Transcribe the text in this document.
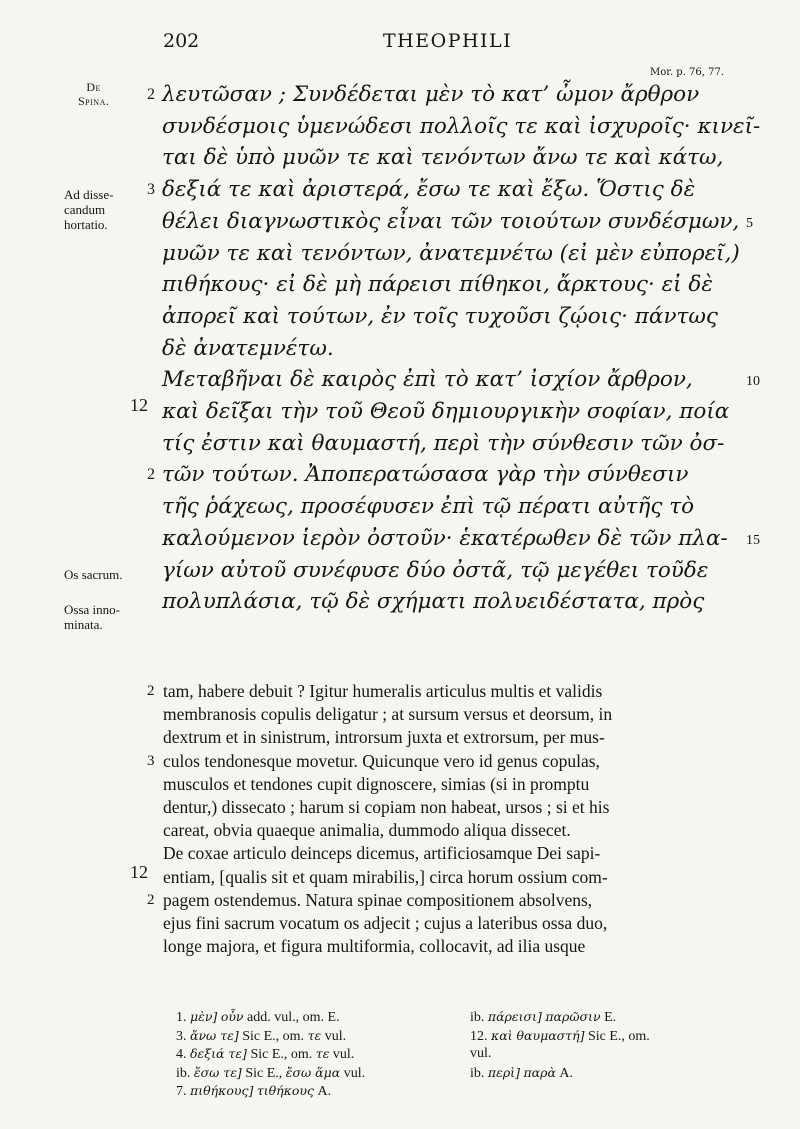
202	THEOPHILI
Mor. p. 76, 77.
De
Spina.
Ad disse-
candum
hortatio.
Os sacrum.
Ossa inno-
minata.
12
λευτῶσαν ; Συνδέδεται μὲν τὸ κατ’ ὦμον ἄρθρον
2
συνδέσμοις ὑμενώδεσι πολλοῖς τε καὶ ἰσχυροῖς· κινεῖ-
ται δὲ ὑπὸ μυῶν τε καὶ τενόντων ἄνω τε καὶ κάτω,
δεξιά τε καὶ ἀριστερά, ἔσω τε καὶ ἔξω. Ὅστις δὲ
3
θέλει διαγνωστικὸς εἶναι τῶν τοιούτων συνδέσμων, 5
μυῶν τε καὶ τενόντων, ἀνατεμνέτω (εἰ μὲν εὐπορεῖ,)
πιθήκους· εἰ δὲ μὴ πάρεισι πίθηκοι, ἄρκτους· εἰ δὲ
ἀπορεῖ καὶ τούτων, ἐν τοῖς τυχοῦσι ζῴοις· πάντως
δὲ ἀνατεμνέτω.
Μεταβῆναι δὲ καιρὸς ἐπὶ τὸ κατ’ ἰσχίον ἄρθρον,	10
καὶ δεῖξαι τὴν τοῦ Θεοῦ δημιουργικὴν σοφίαν, ποία
τίς ἐστιν καὶ θαυμαστή, περὶ τὴν σύνθεσιν τῶν ὀσ-
τῶν τούτων. Ἀποπερατώσασα γὰρ τὴν σύνθεσιν
2
τῆς ῥάχεως, προσέφυσεν ἐπὶ τῷ πέρατι αὐτῆς τὸ
καλούμενον ἱερὸν ὀστοῦν· ἑκατέρωθεν δὲ τῶν πλα- 15
γίων αὐτοῦ συνέφυσε δύο ὀστᾶ, τῷ μεγέθει τοῦδε
πολυπλάσια, τῷ δὲ σχήματι πολυειδέστατα, πρὸς
12
tam, habere debuit ? Igitur humeralis articulus multis et validis
2
membranosis copulis deligatur ; at sursum versus et deorsum, in
dextrum et in sinistrum, introrsum juxta et extrorsum, per mus-
culos tendonesque movetur. Quicunque vero id genus copulas,
3
musculos et tendones cupit dignoscere, simias (si in promptu
dentur,) dissecato ; harum si copiam non habeat, ursos ; si et his
careat, obvia quaeque animalia, dummodo aliqua dissecet.
De coxae articulo deinceps dicemus, artificiosamque Dei sapi-
entiam, [qualis sit et quam mirabilis,] circa horum ossium com-
pagem ostendemus. Natura spinae compositionem absolvens,
2
ejus fini sacrum vocatum os adjecit ; cujus a lateribus ossa duo,
longe majora, et figura multiformia, collocavit, ad ilia usque
1. μὲν] οὖν add. vul., om. E.
3. ἄνω τε] Sic E., om. τε vul.
4. δεξιά τε] Sic E., om. τε vul.
ib. ἔσω τε] Sic E., ἔσω ἅμα vul.
7. πιθήκους] τιθήκους A.
ib. πάρεισι] παρῶσιν E.
12. καὶ θαυμαστή] Sic E., om.
vul.
ib. περὶ] παρὰ A.
